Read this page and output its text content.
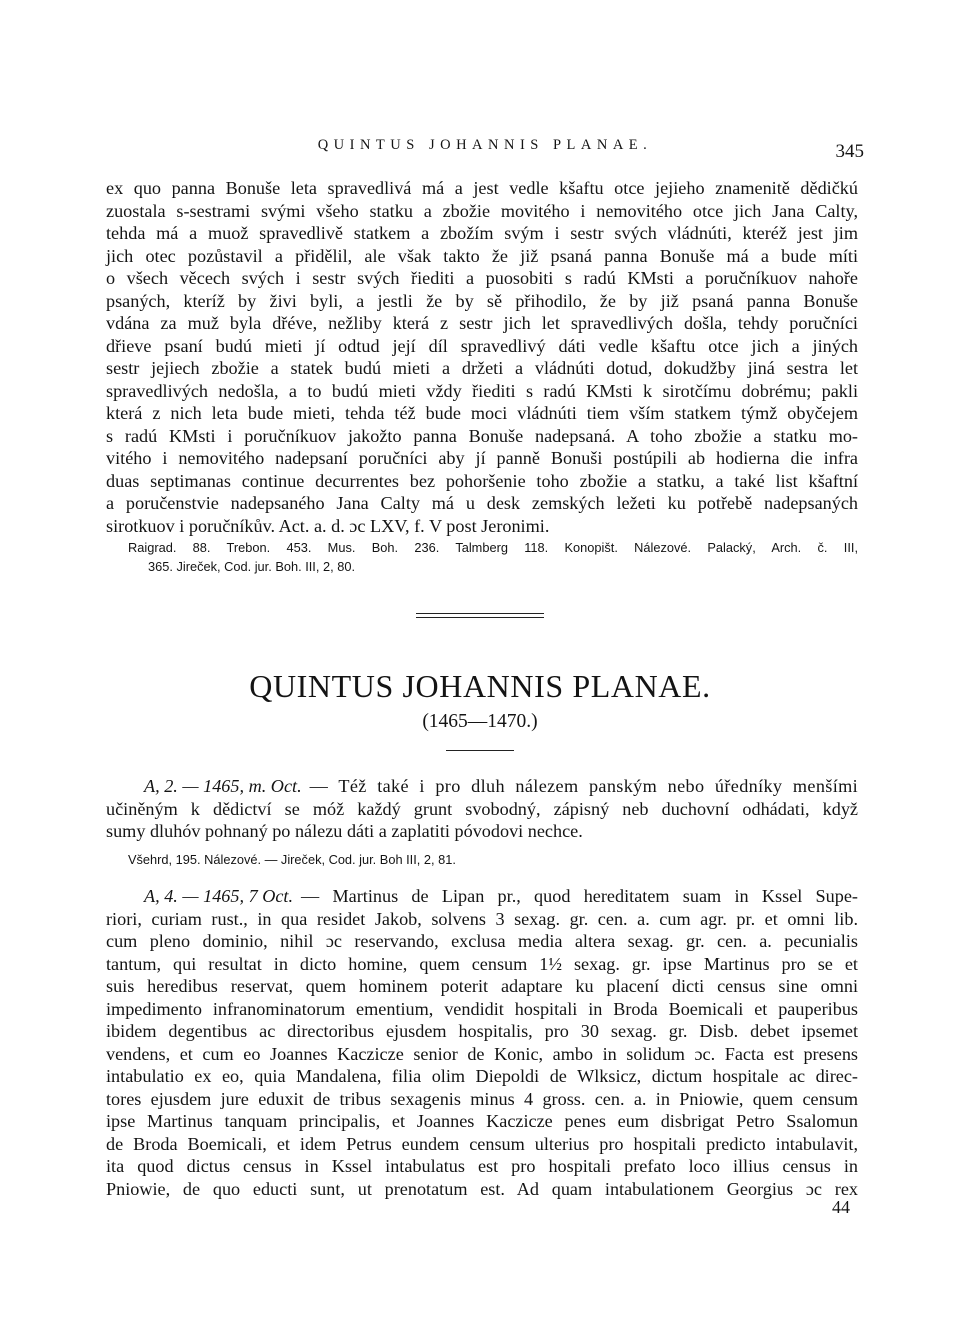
QUINTUS JOHANNIS PLANAE.	345
ex quo panna Bonuše leta spravedlivá má a jest vedle kšaftu otce jejieho znamenitě dědičkú
zuostala s-sestrami svými všeho statku a zbožie movitého i nemovitého otce jich Jana Calty,
tehda má a muož spravedlivě statkem a zbožím svým i sestr svých vládnúti, kteréž jest jim
jich otec pozůstavil a přidělil, ale však takto že již psaná panna Bonuše má a bude míti
o všech věcech svých i sestr svých řiediti a puosobiti s radú KMsti a poručníkuov nahoře
psaných, kteríž by živi byli, a jestli že by sě přihodilo, že by již psaná panna Bonuše
vdána za muž byla dřéve, nežliby která z sestr jich let spravedlivých došla, tehdy poručníci
dřieve psaní budú mieti jí odtud její díl spravedlivý dáti vedle kšaftu otce jich a jiných
sestr jejiech zbožie a statek budú mieti a držeti a vládnúti dotud, dokudžby jiná sestra let
spravedlivých nedošla, a to budú mieti vždy řiediti s radú KMsti k sirotčímu dobrému; pakli
která z nich leta bude mieti, tehda též bude moci vládnúti tiem vším statkem týmž obyčejem
s radú KMsti i poručníkuov jakožto panna Bonuše nadepsaná. A toho zbožie a statku mo-
vitého i nemovitého nadepsaní poručníci aby jí panně Bonuši postúpili ab hodierna die infra
duas septimanas continue decurrentes bez pohoršenie toho zbožie a statku, a také list kšaftní
a poručenstvie nadepsaného Jana Calty má u desk zemských ležeti ku potřebě nadepsaných
sirotkuov i poručníkův. Act. a. d. ɔc LXV, f. V post Jeronimi.
Raigrad. 88. Trebon. 453. Mus. Boh. 236. Talmberg 118. Konopišt. Nálezové. Palacký, Arch. č. III,
365. Jireček, Cod. jur. Boh. III, 2, 80.
QUINTUS JOHANNIS PLANAE.
(1465—1470.)
A, 2. — 1465, m. Oct. — Též také i pro dluh nálezem panským nebo úředníky menšími
učiněným k dědictví se móž každý grunt svobodný, zápisný neb duchovní odhádati, když
sumy dluhóv pohnaný po nálezu dáti a zaplatiti póvodovi nechce.
Všehrd, 195. Nálezové. — Jireček, Cod. jur. Boh III, 2, 81.
A, 4. — 1465, 7 Oct. — Martinus de Lipan pr., quod hereditatem suam in Kssel Supe-
riori, curiam rust., in qua residet Jakob, solvens 3 sexag. gr. cen. a. cum agr. pr. et omni lib.
cum pleno dominio, nihil ɔc reservando, exclusa media altera sexag. gr. cen. a. pecunialis
tantum, qui resultat in dicto homine, quem censum 1½ sexag. gr. ipse Martinus pro se et
suis heredibus reservat, quem hominem poterit adaptare ku placení dicti census sine omni
impedimento infranominatorum ementium, vendidit hospitali in Broda Boemicali et pauperibus
ibidem degentibus ac directoribus ejusdem hospitalis, pro 30 sexag. gr. Disb. debet ipsemet
vendens, et cum eo Joannes Kaczicze senior de Konic, ambo in solidum ɔc. Facta est presens
intabulatio ex eo, quia Mandalena, filia olim Diepoldi de Wlksicz, dictum hospitale ac direc-
tores ejusdem jure eduxit de tribus sexagenis minus 4 gross. cen. a. in Pniowie, quem censum
ipse Martinus tanquam principalis, et Joannes Kaczicze penes eum disbrigat Petro Ssalomun
de Broda Boemicali, et idem Petrus eundem censum ulterius pro hospitali predicto intabulavit,
ita quod dictus census in Kssel intabulatus est pro hospitali prefato loco illius census in
Pniowie, de quo educti sunt, ut prenotatum est. Ad quam intabulationem Georgius ɔc rex
44
